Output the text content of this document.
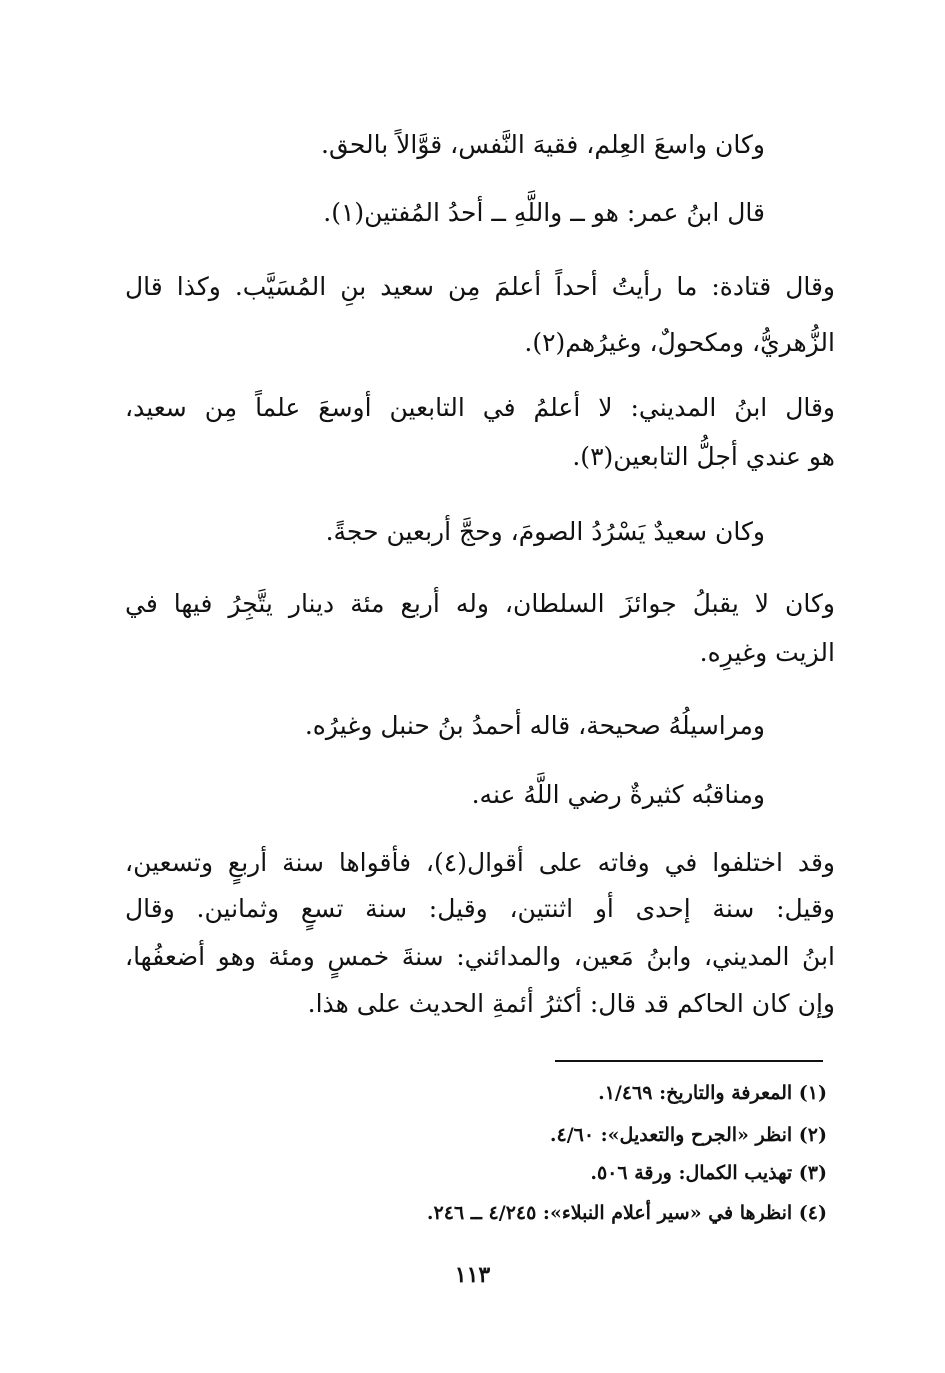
وكان واسعَ العِلم، فقيهَ النَّفس، قوَّالاً بالحق.
قال ابنُ عمر: هو ــ واللَّهِ ــ أحدُ المُفتين(١).
وقال قتادة: ما رأيتُ أحداً أعلمَ مِن سعيد بنِ المُسَيَّب. وكذا قال
الزُّهريُّ، ومكحولٌ، وغيرُهم(٢).
وقال ابنُ المديني: لا أعلمُ في التابعين أوسعَ علماً مِن سعيد،
هو عندي أجلُّ التابعين(٣).
وكان سعيدٌ يَسْرُدُ الصومَ، وحجَّ أربعين حجةً.
وكان لا يقبلُ جوائزَ السلطان، وله أربع مئة دينار يتَّجِرُ فيها في
الزيت وغيرِه.
ومراسيلُهُ صحيحة، قاله أحمدُ بنُ حنبل وغيرُه.
ومناقبُه كثيرةٌ رضي اللَّهُ عنه.
وقد اختلفوا في وفاته على أقوال(٤)، فأقواها سنة أربعٍ وتسعين،
وقيل: سنة إحدى أو اثنتين، وقيل: سنة تسعٍ وثمانين. وقال
ابنُ المديني، وابنُ مَعين، والمدائني: سنةَ خمسٍ ومئة وهو أضعفُها،
وإن كان الحاكم قد قال: أكثرُ أئمةِ الحديث على هذا.
(١) المعرفة والتاريخ: ١/٤٦٩.
(٢) انظر «الجرح والتعديل»: ٤/٦٠.
(٣) تهذيب الكمال: ورقة ٥٠٦.
(٤) انظرها في «سير أعلام النبلاء»: ٤/٢٤٥ ــ ٢٤٦.
١١٣
